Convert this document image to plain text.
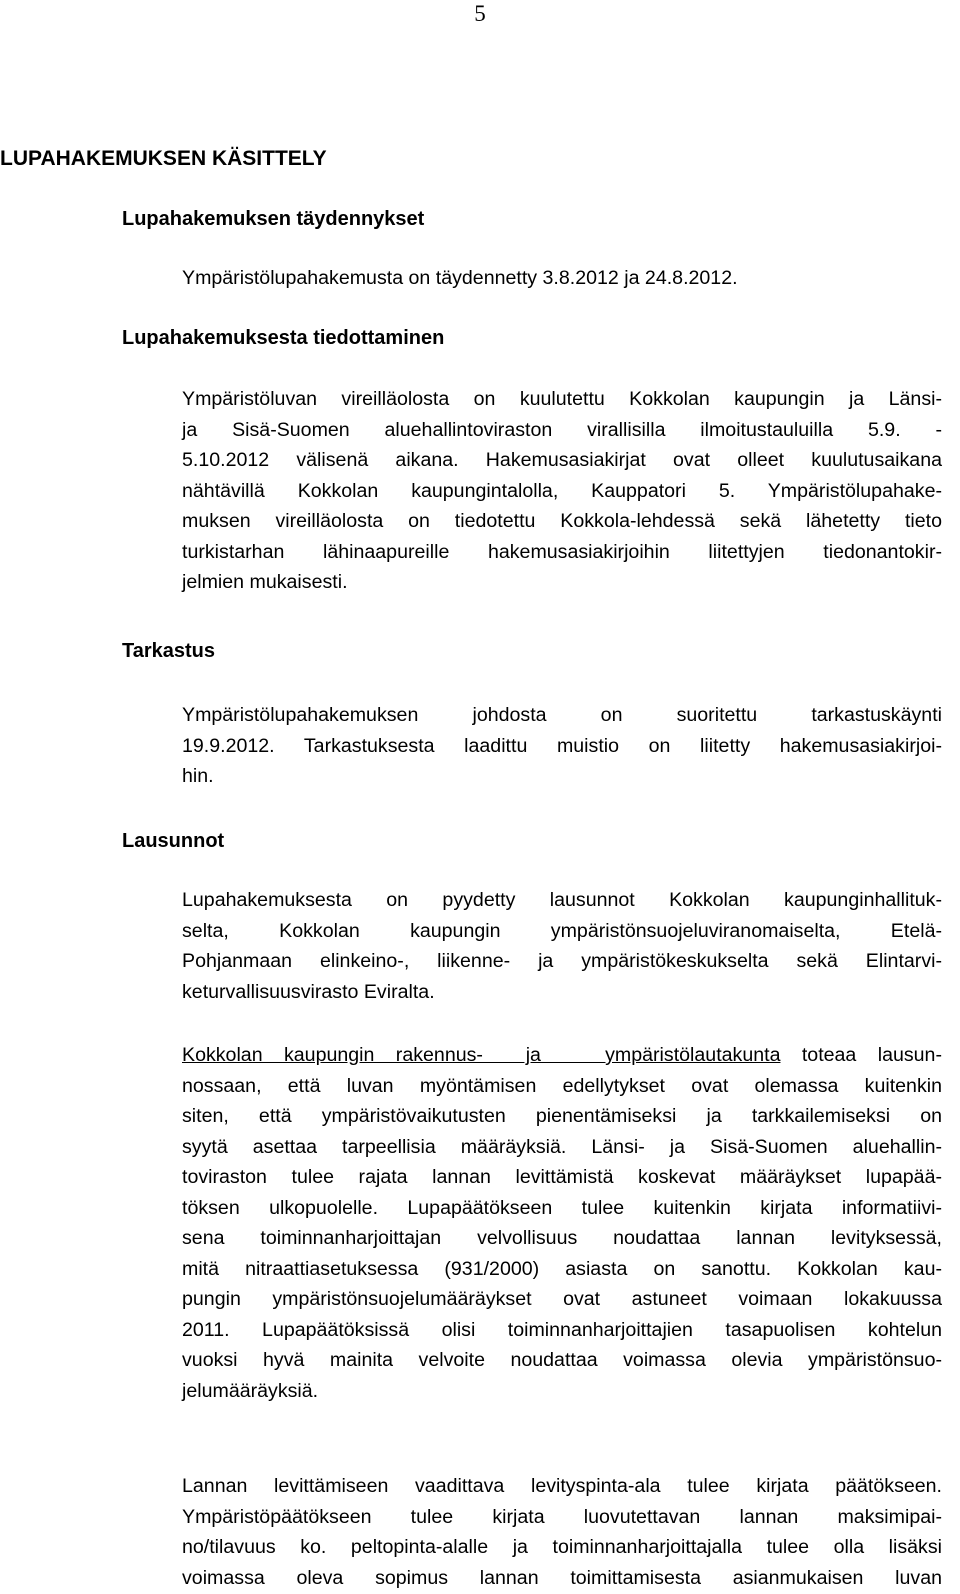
5
LUPAHAKEMUKSEN KÄSITTELY
Lupahakemuksen täydennykset
Ympäristölupahakemusta on täydennetty 3.8.2012 ja 24.8.2012.
Lupahakemuksesta tiedottaminen
Ympäristöluvan vireilläolosta on kuulutettu Kokkolan kaupungin ja Länsi-
ja Sisä-Suomen aluehallintoviraston virallisilla ilmoitustauluilla 5.9. -
5.10.2012 välisenä aikana. Hakemusasiakirjat ovat olleet kuulutusaikana
nähtävillä Kokkolan kaupungintalolla, Kauppatori 5. Ympäristölupahake-
muksen vireilläolosta on tiedotettu Kokkola-lehdessä sekä lähetetty tieto
turkistarhan lähinaapureille hakemusasiakirjoihin liitettyjen tiedonantokir-
jelmien mukaisesti.
Tarkastus
Ympäristölupahakemuksen johdosta on suoritettu tarkastuskäynti
19.9.2012. Tarkastuksesta laadittu muistio on liitetty hakemusasiakirjoi-
hin.
Lausunnot
Lupahakemuksesta on pyydetty lausunnot Kokkolan kaupunginhallituk-
selta, Kokkolan kaupungin ympäristönsuojeluviranomaiselta, Etelä-
Pohjanmaan elinkeino-, liikenne- ja ympäristökeskukselta sekä Elintarvi-
keturvallisuusvirasto Eviralta.
Kokkolan kaupungin rakennus-  ja   ympäristölautakunta toteaa lausun-
nossaan, että luvan myöntämisen edellytykset ovat olemassa kuitenkin
siten, että ympäristövaikutusten pienentämiseksi ja tarkkailemiseksi on
syytä asettaa tarpeellisia määräyksiä. Länsi- ja Sisä-Suomen aluehallin-
toviraston tulee rajata lannan levittämistä koskevat määräykset lupapää-
töksen ulkopuolelle. Lupapäätökseen tulee kuitenkin kirjata informatiivi-
sena toiminnanharjoittajan velvollisuus noudattaa lannan levityksessä,
mitä nitraattiasetuksessa (931/2000) asiasta on sanottu. Kokkolan kau-
pungin ympäristönsuojelumääräykset ovat astuneet voimaan lokakuussa
2011. Lupapäätöksissä olisi toiminnanharjoittajien tasapuolisen kohtelun
vuoksi hyvä mainita velvoite noudattaa voimassa olevia ympäristönsuo-
jelumääräyksiä.
Lannan levittämiseen vaadittava levityspinta-ala tulee kirjata päätökseen.
Ympäristöpäätökseen tulee kirjata luovutettavan lannan maksimipai-
no/tilavuus ko. peltopinta-alalle ja toiminnanharjoittajalla tulee olla lisäksi
voimassa oleva sopimus lannan toimittamisesta asianmukaisen luvan
